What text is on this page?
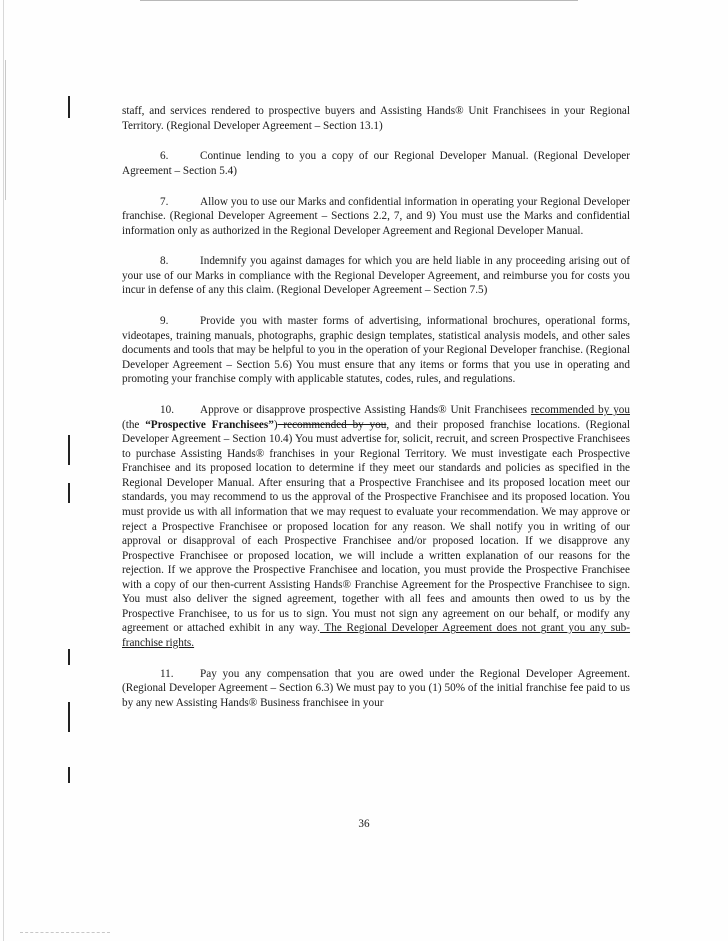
staff, and services rendered to prospective buyers and Assisting Hands® Unit Franchisees in your Regional Territory. (Regional Developer Agreement – Section 13.1)

6.	Continue lending to you a copy of our Regional Developer Manual. (Regional Developer Agreement – Section 5.4)

7.	Allow you to use our Marks and confidential information in operating your Regional Developer franchise. (Regional Developer Agreement – Sections 2.2, 7, and 9) You must use the Marks and confidential information only as authorized in the Regional Developer Agreement and Regional Developer Manual.

8.	Indemnify you against damages for which you are held liable in any proceeding arising out of your use of our Marks in compliance with the Regional Developer Agreement, and reimburse you for costs you incur in defense of any this claim. (Regional Developer Agreement – Section 7.5)

9.	Provide you with master forms of advertising, informational brochures, operational forms, videotapes, training manuals, photographs, graphic design templates, statistical analysis models, and other sales documents and tools that may be helpful to you in the operation of your Regional Developer franchise. (Regional Developer Agreement – Section 5.6) You must ensure that any items or forms that you use in operating and promoting your franchise comply with applicable statutes, codes, rules, and regulations.

10. Approve or disapprove prospective Assisting Hands® Unit Franchisees recommended by you (the “Prospective Franchisees”) recommended by you, and their proposed franchise locations. (Regional Developer Agreement – Section 10.4) You must advertise for, solicit, recruit, and screen Prospective Franchisees to purchase Assisting Hands® franchises in your Regional Territory. We must investigate each Prospective Franchisee and its proposed location to determine if they meet our standards and policies as specified in the Regional Developer Manual. After ensuring that a Prospective Franchisee and its proposed location meet our standards, you may recommend to us the approval of the Prospective Franchisee and its proposed location. You must provide us with all information that we may request to evaluate your recommendation. We may approve or reject a Prospective Franchisee or proposed location for any reason. We shall notify you in writing of our approval or disapproval of each Prospective Franchisee and/or proposed location. If we disapprove any Prospective Franchisee or proposed location, we will include a written explanation of our reasons for the rejection. If we approve the Prospective Franchisee and location, you must provide the Prospective Franchisee with a copy of our then-current Assisting Hands® Franchise Agreement for the Prospective Franchisee to sign. You must also deliver the signed agreement, together with all fees and amounts then owed to us by the Prospective Franchisee, to us for us to sign. You must not sign any agreement on our behalf, or modify any agreement or attached exhibit in any way. The Regional Developer Agreement does not grant you any sub-franchise rights.

11. Pay you any compensation that you are owed under the Regional Developer Agreement. (Regional Developer Agreement – Section 6.3) We must pay to you (1) 50% of the initial franchise fee paid to us by any new Assisting Hands® Business franchisee in your

36
